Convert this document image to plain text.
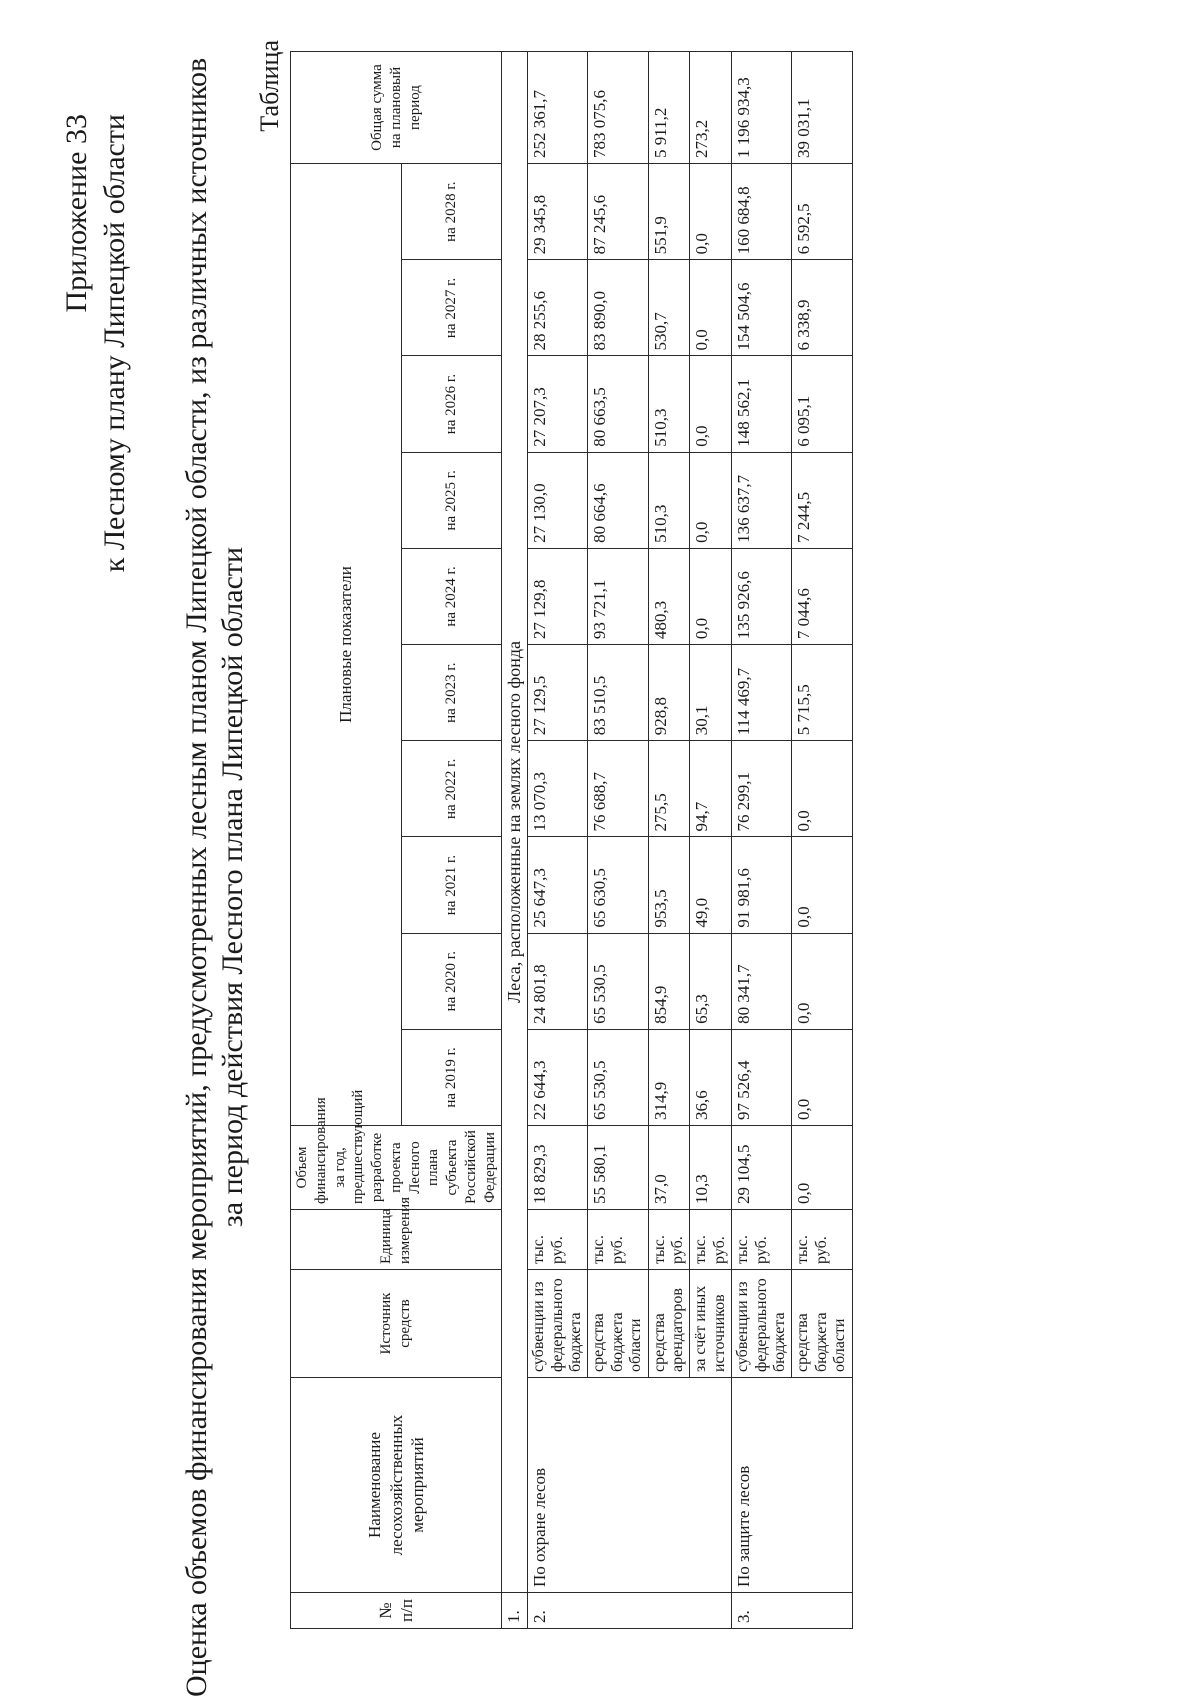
Приложение 33 к Лесному плану Липецкой области Оценка объемов финансирования мероприятий, предусмотренных лесным планом Липецкой области, из различных источников за период действия Лесного плана Липецкой области
Таблица
№ п/п	Наименование лесохозяйственных мероприятий	Источник средств	Единица измерения	Объем финансирования за год, предшествующий разработке проекта Лесного плана субъекта Российской Федерации	Плановые показатели										Общая сумма на плановый период
					на 2019 г.	на 2020 г.	на 2021 г.	на 2022 г.	на 2023 г.	на 2024 г.	на 2025 г.	на 2026 г.	на 2027 г.	на 2028 г.	
1.	Леса, расположенные на землях лесного фонда														
2.	По охране лесов	субвенции из федерального бюджета	тыс. руб.	18 829,3	22 644,3	24 801,8	25 647,3	13 070,3	27 129,5	27 129,8	27 130,0	27 207,3	28 255,6	29 345,8	252 361,7
		средства бюджета области	тыс. руб.	55 580,1	65 530,5	65 530,5	65 630,5	76 688,7	83 510,5	93 721,1	80 664,6	80 663,5	83 890,0	87 245,6	783 075,6
		средства арендаторов	тыс. руб.	37,0	314,9	854,9	953,5	275,5	928,8	480,3	510,3	510,3	530,7	551,9	5 911,2
		за счёт иных источников	тыс. руб.	10,3	36,6	65,3	49,0	94,7	30,1	0,0	0,0	0,0	0,0	0,0	273,2
3.	По защите лесов	субвенции из федерального бюджета	тыс. руб.	29 104,5	97 526,4	80 341,7	91 981,6	76 299,1	114 469,7	135 926,6	136 637,7	148 562,1	154 504,6	160 684,8	1 196 934,3
		средства бюджета области	тыс. руб.	0,0	0,0	0,0	0,0	0,0	5 715,5	7 044,6	7 244,5	6 095,1	6 338,9	6 592,5	39 031,1
